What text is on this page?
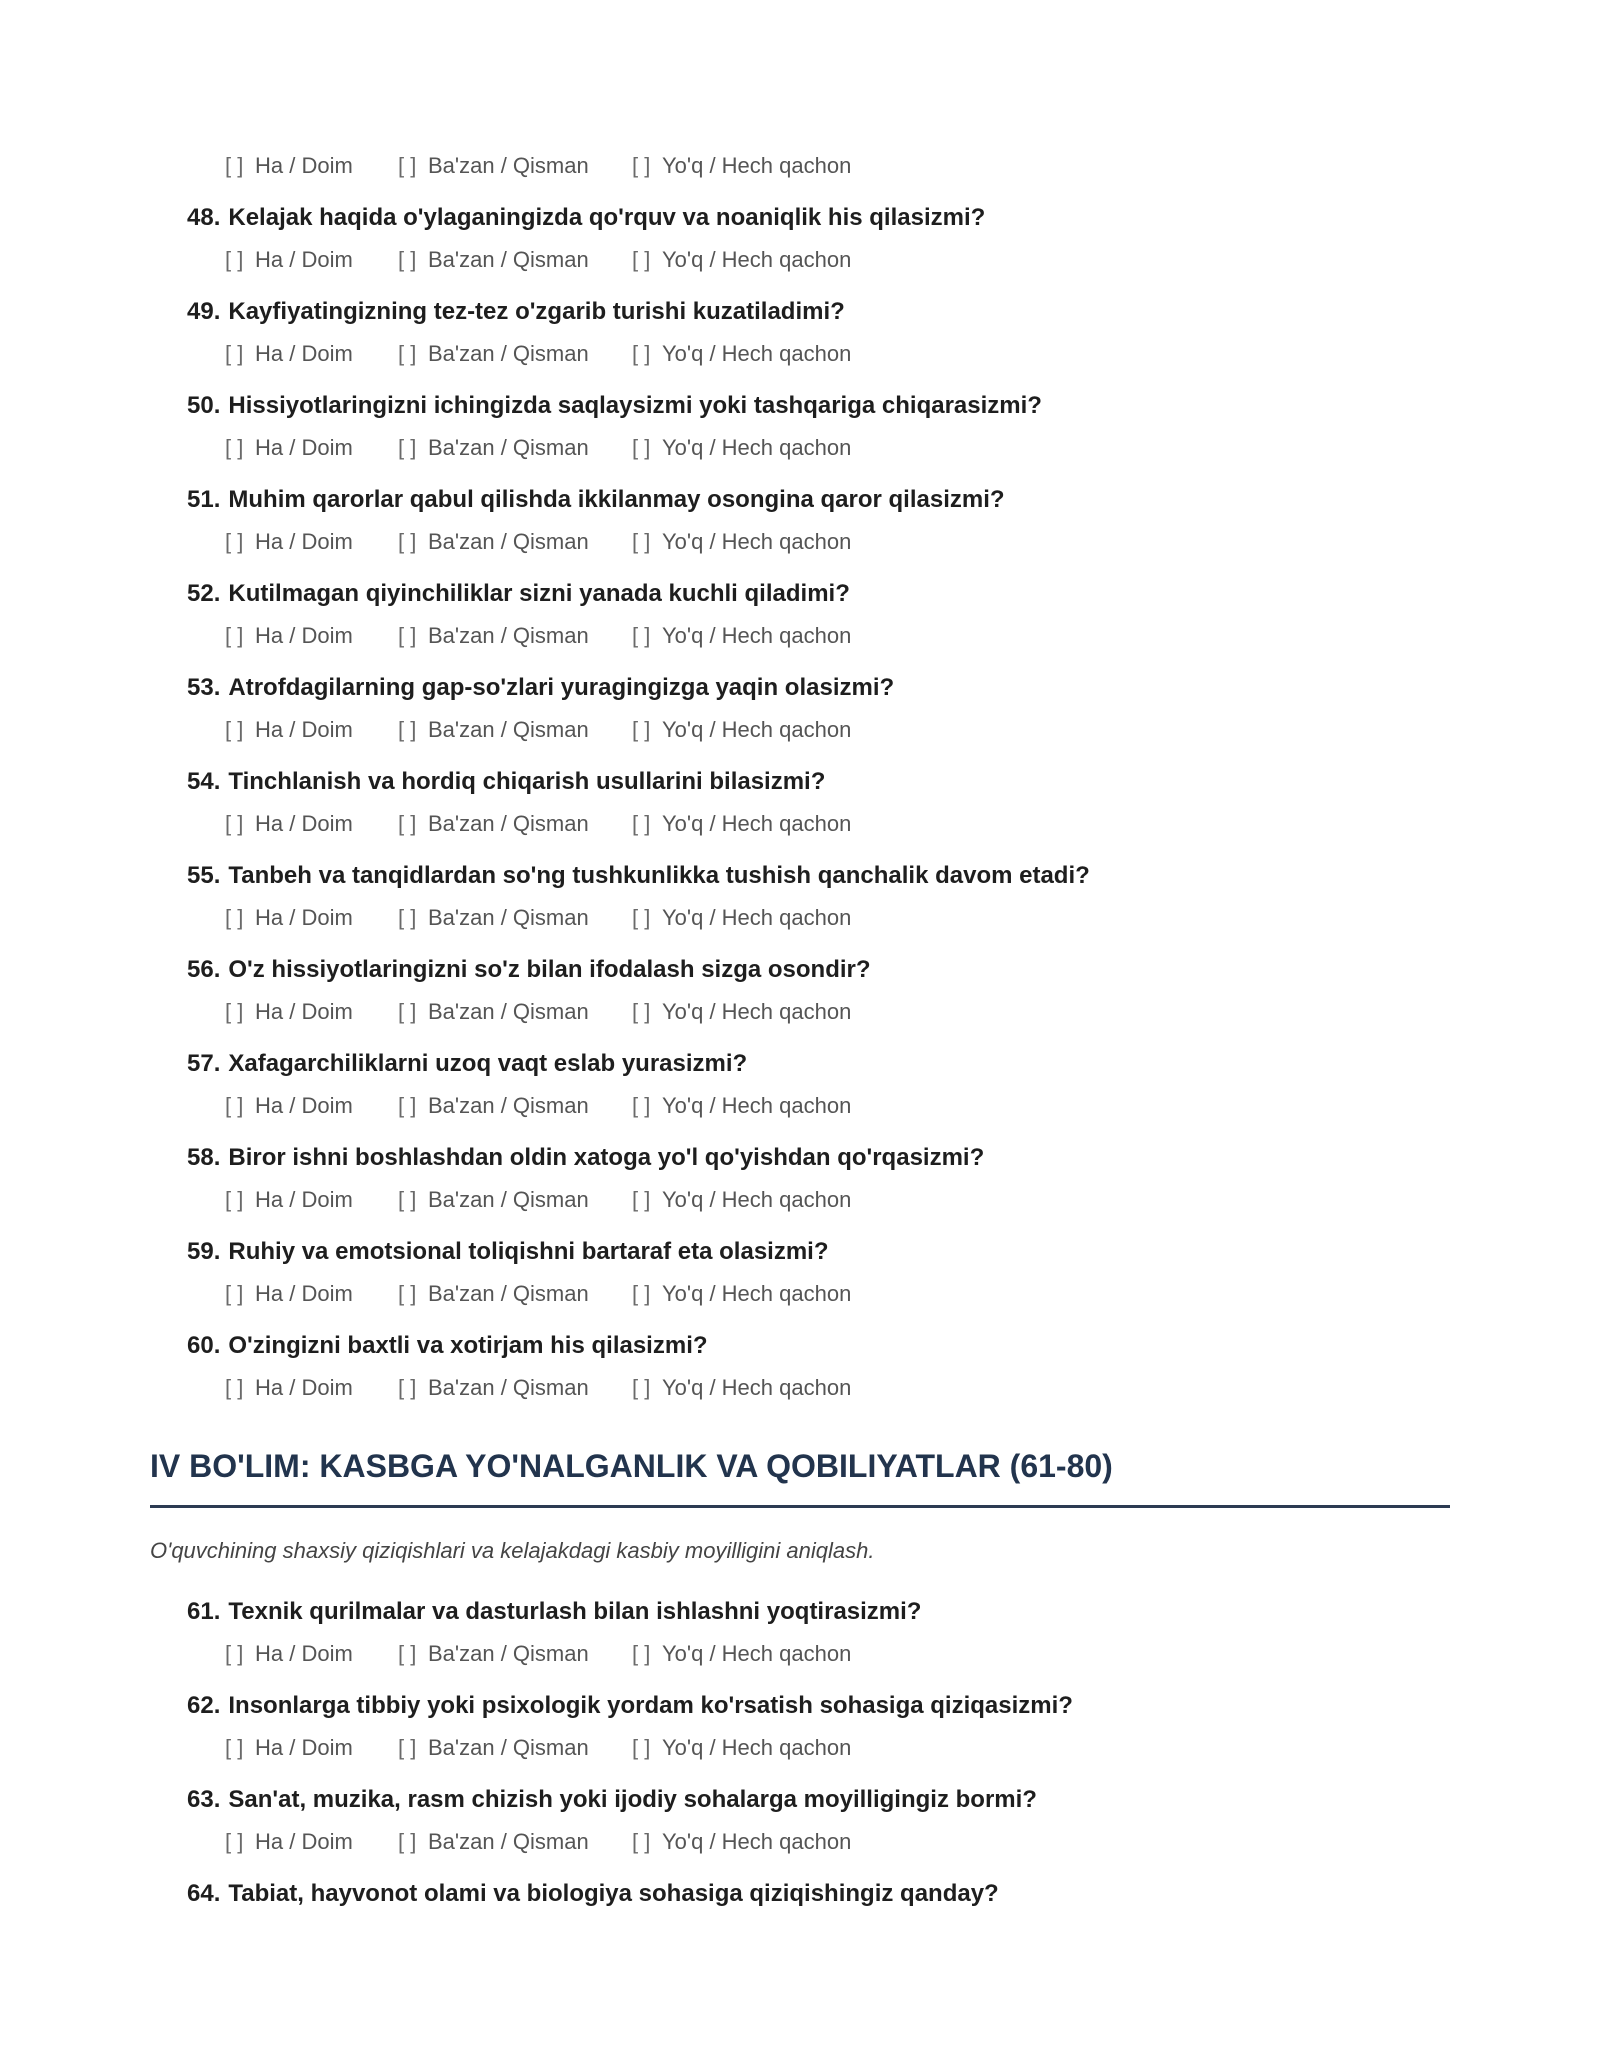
[ ] Ha / Doim [ ] Ba'zan / Qisman [ ] Yo'q / Hech qachon
48. Kelajak haqida o'ylaganingizda qo'rquv va noaniqlik his qilasizmi?
[ ] Ha / Doim [ ] Ba'zan / Qisman [ ] Yo'q / Hech qachon
49. Kayfiyatingizning tez-tez o'zgarib turishi kuzatiladimi?
[ ] Ha / Doim [ ] Ba'zan / Qisman [ ] Yo'q / Hech qachon
50. Hissiyotlaringizni ichingizda saqlaysizmi yoki tashqariga chiqarasizmi?
[ ] Ha / Doim [ ] Ba'zan / Qisman [ ] Yo'q / Hech qachon
51. Muhim qarorlar qabul qilishda ikkilanmay osongina qaror qilasizmi?
[ ] Ha / Doim [ ] Ba'zan / Qisman [ ] Yo'q / Hech qachon
52. Kutilmagan qiyinchiliklar sizni yanada kuchli qiladimi?
[ ] Ha / Doim [ ] Ba'zan / Qisman [ ] Yo'q / Hech qachon
53. Atrofdagilarning gap-so'zlari yuragingizga yaqin olasizmi?
[ ] Ha / Doim [ ] Ba'zan / Qisman [ ] Yo'q / Hech qachon
54. Tinchlanish va hordiq chiqarish usullarini bilasizmi?
[ ] Ha / Doim [ ] Ba'zan / Qisman [ ] Yo'q / Hech qachon
55. Tanbeh va tanqidlardan so'ng tushkunlikka tushish qanchalik davom etadi?
[ ] Ha / Doim [ ] Ba'zan / Qisman [ ] Yo'q / Hech qachon
56. O'z hissiyotlaringizni so'z bilan ifodalash sizga osondir?
[ ] Ha / Doim [ ] Ba'zan / Qisman [ ] Yo'q / Hech qachon
57. Xafagarchiliklarni uzoq vaqt eslab yurasizmi?
[ ] Ha / Doim [ ] Ba'zan / Qisman [ ] Yo'q / Hech qachon
58. Biror ishni boshlashdan oldin xatoga yo'l qo'yishdan qo'rqasizmi?
[ ] Ha / Doim [ ] Ba'zan / Qisman [ ] Yo'q / Hech qachon
59. Ruhiy va emotsional toliqishni bartaraf eta olasizmi?
[ ] Ha / Doim [ ] Ba'zan / Qisman [ ] Yo'q / Hech qachon
60. O'zingizni baxtli va xotirjam his qilasizmi?
[ ] Ha / Doim [ ] Ba'zan / Qisman [ ] Yo'q / Hech qachon
IV BO'LIM: KASBGA YO'NALGANLIK VA QOBILIYATLAR (61-80)
O'quvchining shaxsiy qiziqishlari va kelajakdagi kasbiy moyilligini aniqlash.
61. Texnik qurilmalar va dasturlash bilan ishlashni yoqtirasizmi?
[ ] Ha / Doim [ ] Ba'zan / Qisman [ ] Yo'q / Hech qachon
62. Insonlarga tibbiy yoki psixologik yordam ko'rsatish sohasiga qiziqasizmi?
[ ] Ha / Doim [ ] Ba'zan / Qisman [ ] Yo'q / Hech qachon
63. San'at, muzika, rasm chizish yoki ijodiy sohalarga moyilligingiz bormi?
[ ] Ha / Doim [ ] Ba'zan / Qisman [ ] Yo'q / Hech qachon
64. Tabiat, hayvonot olami va biologiya sohasiga qiziqishingiz qanday?
